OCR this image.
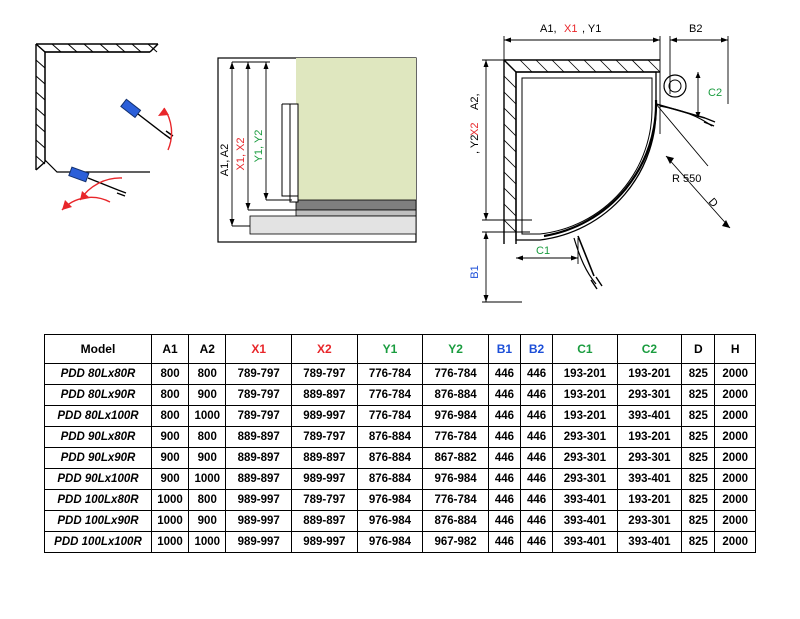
A1, A2 X1, X2 Y1, Y2
A1, X1 , Y1	B2
A2,
X2
, Y2
B1
C2
C1
R 550
D
Model	A1	A2	X1	X2	Y1	Y2	B1	B2	C1	C2	D	H
PDD 80Lx80R	800	800	789-797	789-797	776-784	776-784	446	446	193-201	193-201	825	2000
PDD 80Lx90R	800	900	789-797	889-897	776-784	876-884	446	446	193-201	293-301	825	2000
PDD 80Lx100R	800	1000	789-797	989-997	776-784	976-984	446	446	193-201	393-401	825	2000
PDD 90Lx80R	900	800	889-897	789-797	876-884	776-784	446	446	293-301	193-201	825	2000
PDD 90Lx90R	900	900	889-897	889-897	876-884	867-882	446	446	293-301	293-301	825	2000
PDD 90Lx100R	900	1000	889-897	989-997	876-884	976-984	446	446	293-301	393-401	825	2000
PDD 100Lx80R	1000	800	989-997	789-797	976-984	776-784	446	446	393-401	193-201	825	2000
PDD 100Lx90R	1000	900	989-997	889-897	976-984	876-884	446	446	393-401	293-301	825	2000
PDD 100Lx100R	1000	1000	989-997	989-997	976-984	967-982	446	446	393-401	393-401	825	2000
